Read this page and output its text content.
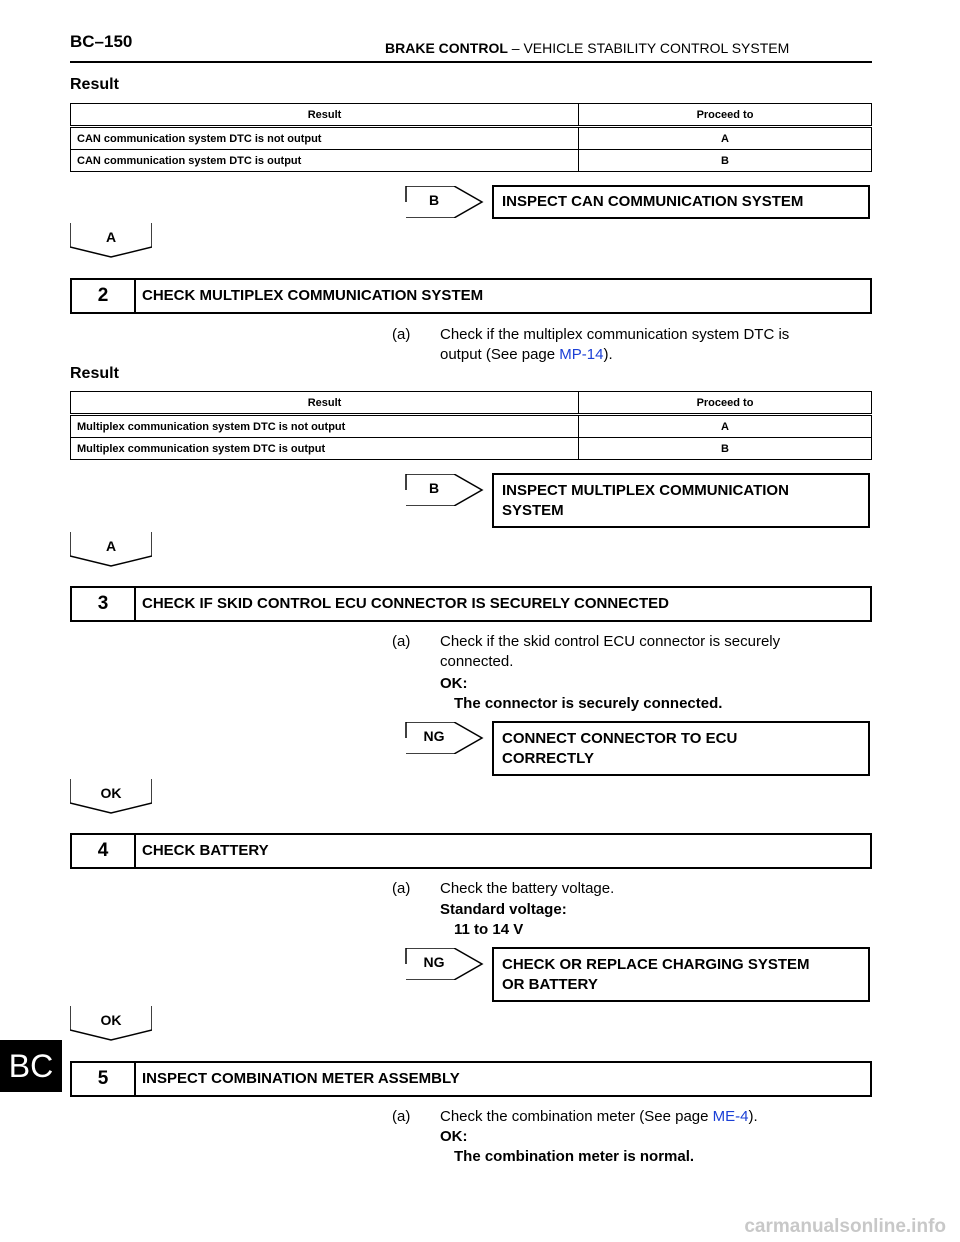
BC–150	BRAKE CONTROL – VEHICLE STABILITY CONTROL SYSTEM
Result
Result	Proceed to
CAN communication system DTC is not output	A
CAN communication system DTC is output	B
B	INSPECT CAN COMMUNICATION SYSTEM
A
2	CHECK MULTIPLEX COMMUNICATION SYSTEM
(a) Check if the multiplex communication system DTC is
output (See page MP-14).
Result
Result	Proceed to
Multiplex communication system DTC is not output	A
Multiplex communication system DTC is output	B
B	INSPECT MULTIPLEX COMMUNICATION
SYSTEM
A
3	CHECK IF SKID CONTROL ECU CONNECTOR IS SECURELY CONNECTED
(a) Check if the skid control ECU connector is securely
connected.
OK:
The connector is securely connected.
NG	CONNECT CONNECTOR TO ECU
CORRECTLY
OK
4	CHECK BATTERY
(a) Check the battery voltage.
Standard voltage:
11 to 14 V
NG	CHECK OR REPLACE CHARGING SYSTEM
OR BATTERY
OK
5	INSPECT COMBINATION METER ASSEMBLY
(a) Check the combination meter (See page ME-4).
OK:
The combination meter is normal.
BC
carmanualsonline.info
